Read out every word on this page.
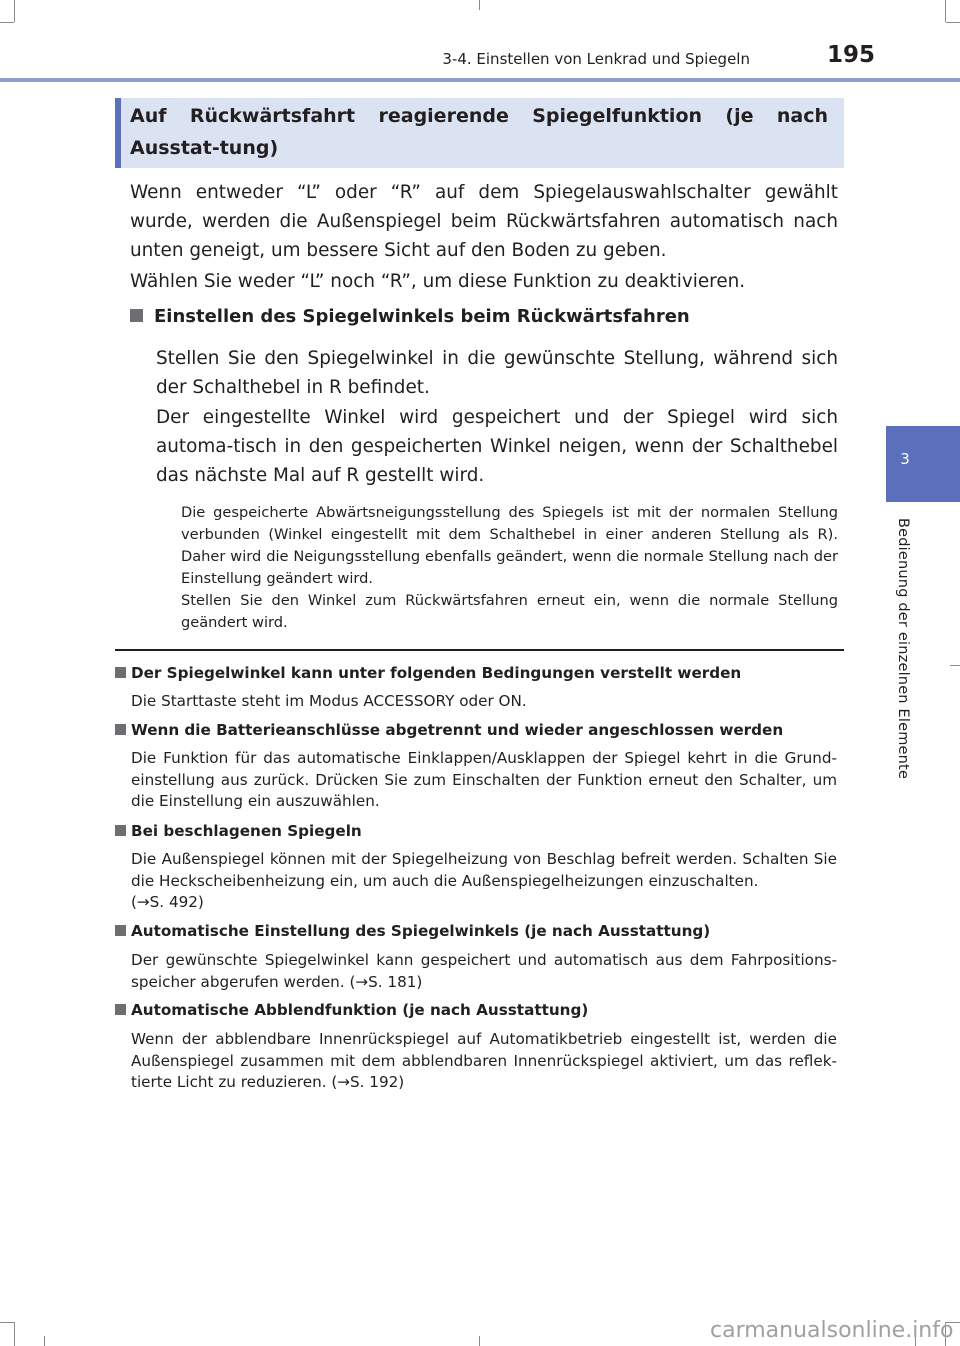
3-4. Einstellen von Lenkrad und Spiegeln	195
3
Bedienung der einzelnen Elemente
Auf Rückwärtsfahrt reagierende Spiegelfunktion (je nach Ausstat-tung)
Wenn entweder “L” oder “R” auf dem Spiegelauswahlschalter gewählt wurde, werden die Außenspiegel beim Rückwärtsfahren automatisch nach unten geneigt, um bessere Sicht auf den Boden zu geben.
Wählen Sie weder “L” noch “R”, um diese Funktion zu deaktivieren.
Einstellen des Spiegelwinkels beim Rückwärtsfahren
Stellen Sie den Spiegelwinkel in die gewünschte Stellung, während sich der Schalthebel in R befindet.
Der eingestellte Winkel wird gespeichert und der Spiegel wird sich automa-tisch in den gespeicherten Winkel neigen, wenn der Schalthebel das nächste Mal auf R gestellt wird.
Die gespeicherte Abwärtsneigungsstellung des Spiegels ist mit der normalen Stellung verbunden (Winkel eingestellt mit dem Schalthebel in einer anderen Stellung als R). Daher wird die Neigungsstellung ebenfalls geändert, wenn die normale Stellung nach der Einstellung geändert wird.
Stellen Sie den Winkel zum Rückwärtsfahren erneut ein, wenn die normale Stellung geändert wird.
Der Spiegelwinkel kann unter folgenden Bedingungen verstellt werden
Die Starttaste steht im Modus ACCESSORY oder ON.
Wenn die Batterieanschlüsse abgetrennt und wieder angeschlossen werden
Die Funktion für das automatische Einklappen/Ausklappen der Spiegel kehrt in die Grund-einstellung aus zurück. Drücken Sie zum Einschalten der Funktion erneut den Schalter, um die Einstellung ein auszuwählen.
Bei beschlagenen Spiegeln
Die Außenspiegel können mit der Spiegelheizung von Beschlag befreit werden. Schalten Sie die Heckscheibenheizung ein, um auch die Außenspiegelheizungen einzuschalten.
(→S. 492)
Automatische Einstellung des Spiegelwinkels (je nach Ausstattung)
Der gewünschte Spiegelwinkel kann gespeichert und automatisch aus dem Fahrpositions-speicher abgerufen werden. (→S. 181)
Automatische Abblendfunktion (je nach Ausstattung)
Wenn der abblendbare Innenrückspiegel auf Automatikbetrieb eingestellt ist, werden die Außenspiegel zusammen mit dem abblendbaren Innenrückspiegel aktiviert, um das reflek-tierte Licht zu reduzieren. (→S. 192)
carmanualsonline.info
